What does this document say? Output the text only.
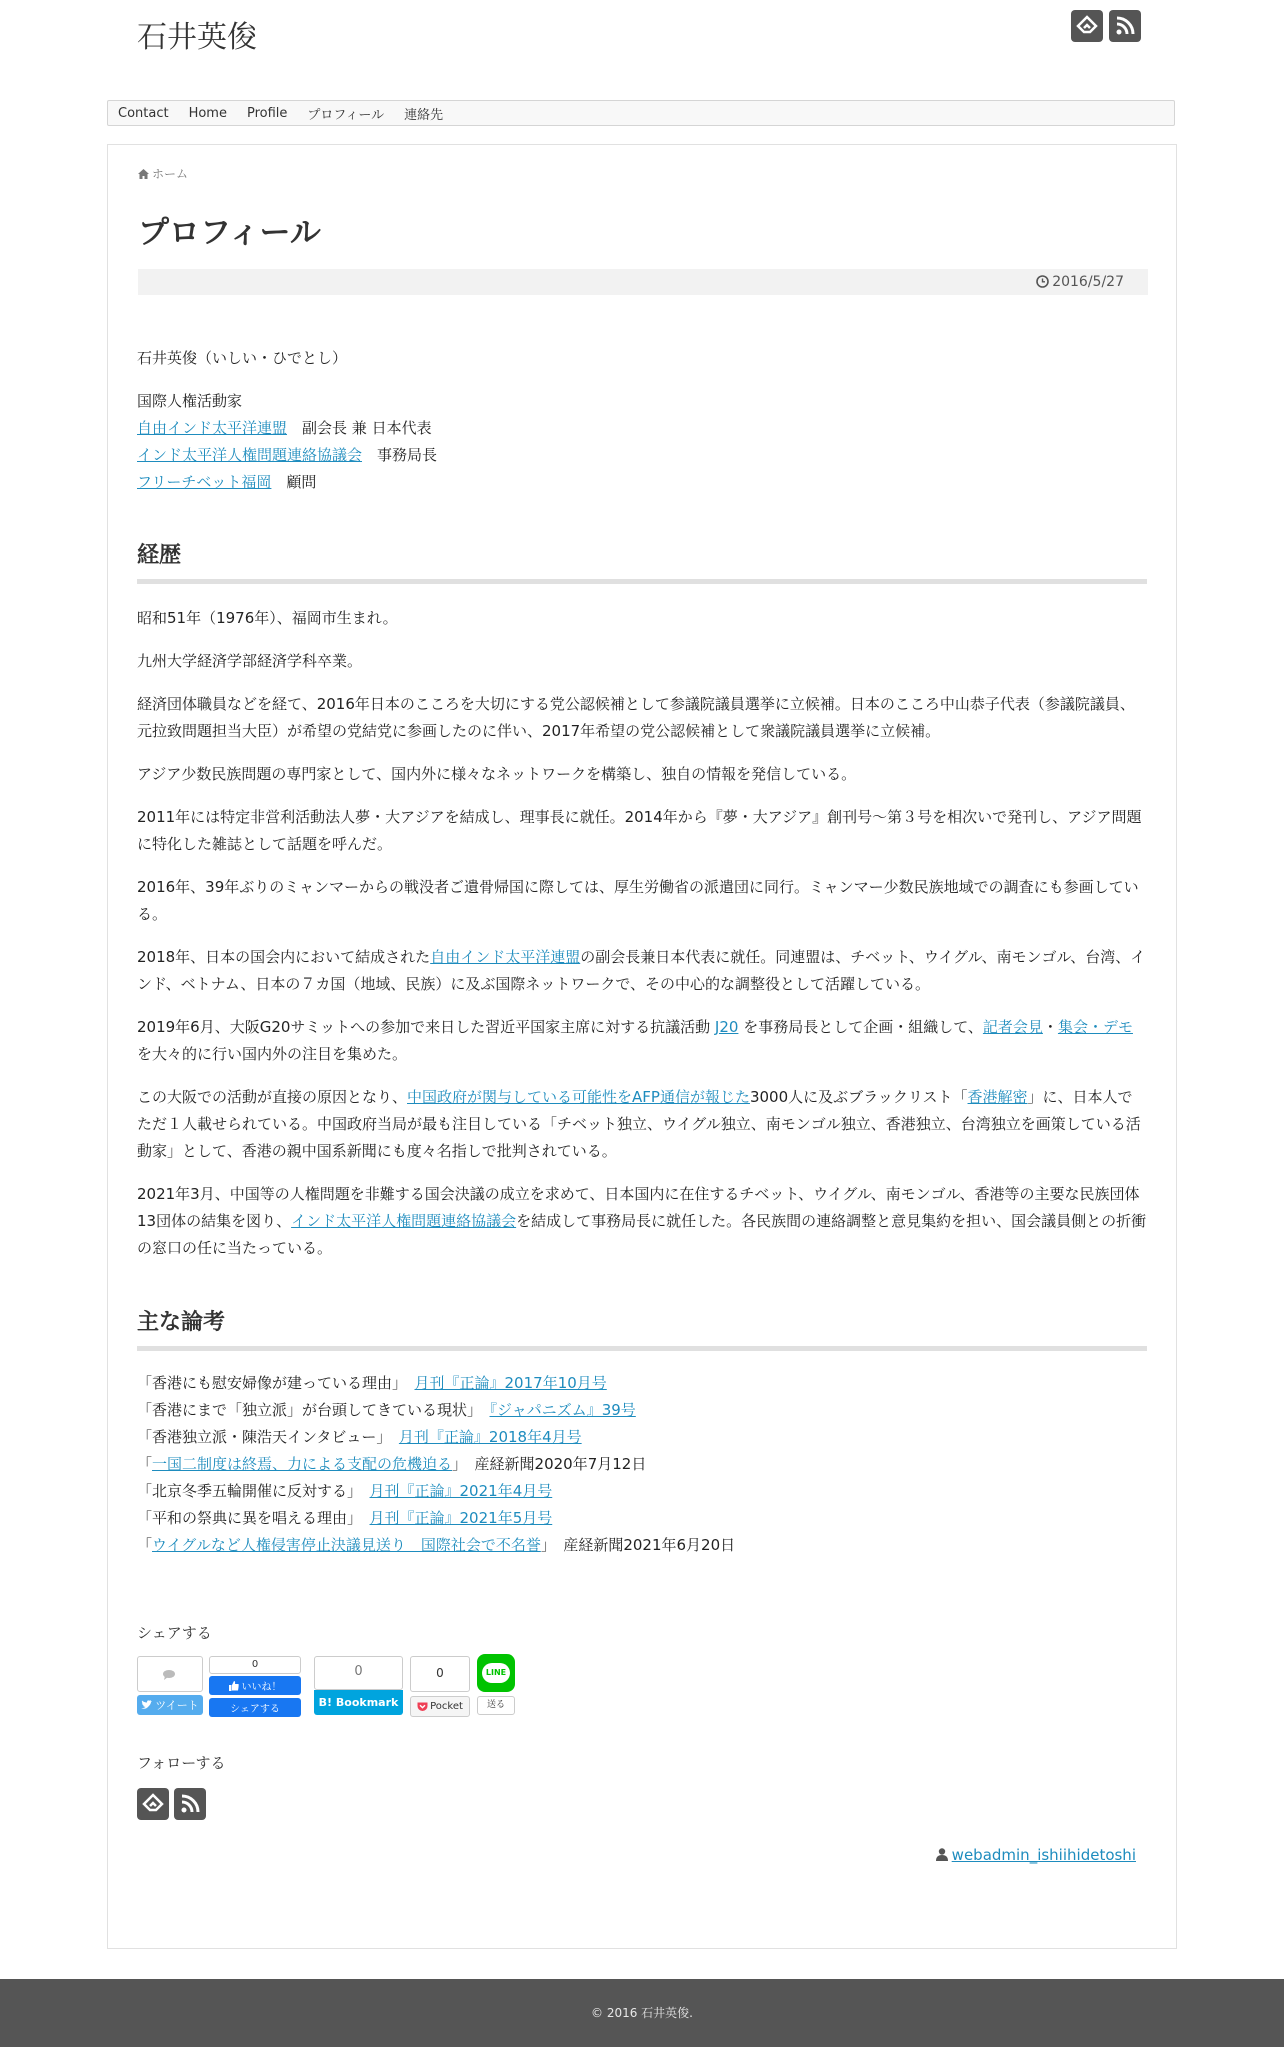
石井英俊
Contact Home Profile プロフィール 連絡先
ホーム
プロフィール
2016/5/27

石井英俊（いしい・ひでとし）

国際人権活動家
自由インド太平洋連盟　 副会長 兼 日本代表
インド太平洋人権問題連絡協議会　 事務局長
フリーチベット福岡　 顧問
経歴

昭和51年（1976年）、福岡市生まれ。

九州大学経済学部経済学科卒業。

経済団体職員などを経て、2016年日本のこころを大切にする党公認候補として参議院議員選挙に立候補。日本のこころ中山恭子代表（参議院議員、元拉致問題担当大臣）が希望の党結党に参画したのに伴い、2017年希望の党公認候補として衆議院議員選挙に立候補。

アジア少数民族問題の専門家として、国内外に様々なネットワークを構築し、独自の情報を発信している。

2011年には特定非営利活動法人夢・大アジアを結成し、理事長に就任。2014年から『夢・大アジア』創刊号〜第３号を相次いで発刊し、アジア問題に特化した雑誌として話題を呼んだ。

2016年、39年ぶりのミャンマーからの戦没者ご遺骨帰国に際しては、厚生労働省の派遣団に同行。ミャンマー少数民族地域での調査にも参画している。

2018年、日本の国会内において結成された自由インド太平洋連盟の副会長兼日本代表に就任。同連盟は、チベット、ウイグル、南モンゴル、台湾、インド、ベトナム、日本の７カ国（地域、民族）に及ぶ国際ネットワークで、その中心的な調整役として活躍している。

2019年6月、大阪G20サミットへの参加で来日した習近平国家主席に対する抗議活動 J20 を事務局長として企画・組織して、記者会見・集会・デモを大々的に行い国内外の注目を集めた。

この大阪での活動が直接の原因となり、中国政府が関与している可能性をAFP通信が報じた3000人に及ぶブラックリスト「香港解密」に、日本人でただ１人載せられている。中国政府当局が最も注目している「チベット独立、ウイグル独立、南モンゴル独立、香港独立、台湾独立を画策している活動家」として、香港の親中国系新聞にも度々名指しで批判されている。

2021年3月、中国等の人権問題を非難する国会決議の成立を求めて、日本国内に在住するチベット、ウイグル、南モンゴル、香港等の主要な民族団体13団体の結集を図り、インド太平洋人権問題連絡協議会を結成して事務局長に就任した。各民族間の連絡調整と意見集約を担い、国会議員側との折衝の窓口の任に当たっている。

主な論考
「香港にも慰安婦像が建っている理由」　月刊『正論』2017年10月号
「香港にまで「独立派」が台頭してきている現状」　『ジャパニズム』39号
「香港独立派・陳浩天インタビュー」　月刊『正論』2018年4月号
「一国二制度は終焉、力による支配の危機迫る」　産経新聞2020年7月12日
「北京冬季五輪開催に反対する」　月刊『正論』2021年4月号
「平和の祭典に異を唱える理由」　月刊『正論』2021年5月号
「ウイグルなど人権侵害停止決議見送り　国際社会で不名誉」　産経新聞2021年6月20日
シェアする
ツイート
0
いいね！
シェアする
0
B! Bookmark
0
Pocket
LINE
送る
フォローする
webadmin_ishiihidetoshi
© 2016 石井英俊.
